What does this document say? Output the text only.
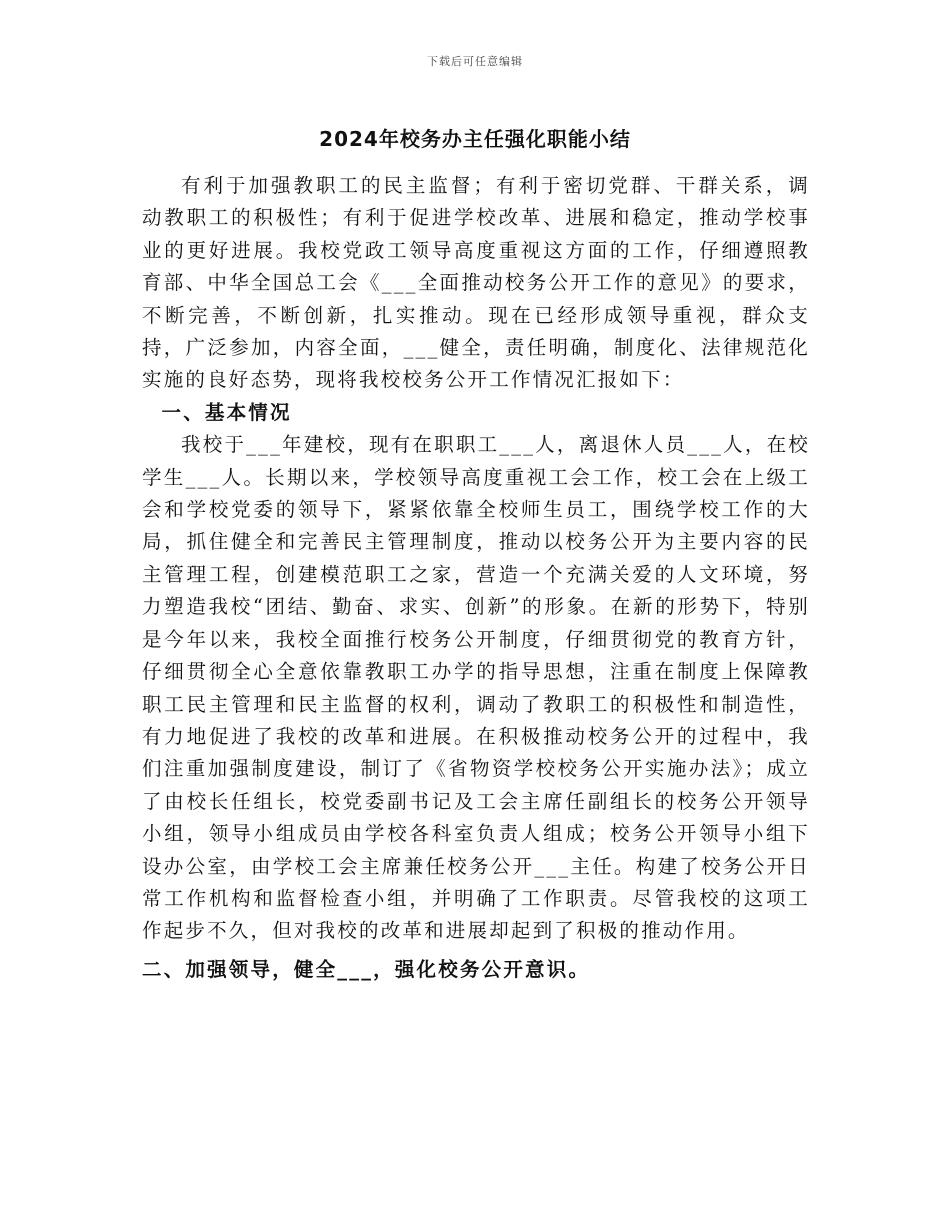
下载后可任意编辑
2024年校务办主任强化职能小结

有利于加强教职工的民主监督；有利于密切党群、干群关系，调动教职工的积极性；有利于促进学校改革、进展和稳定，推动学校事业的更好进展。我校党政工领导高度重视这方面的工作，仔细遵照教育部、中华全国总工会《___全面推动校务公开工作的意见》的要求，不断完善，不断创新，扎实推动。现在已经形成领导重视，群众支持，广泛参加，内容全面，___健全，责任明确，制度化、法律规范化实施的良好态势，现将我校校务公开工作情况汇报如下：

一、基本情况

我校于___年建校，现有在职职工___人，离退休人员___人，在校学生___人。长期以来，学校领导高度重视工会工作，校工会在上级工会和学校党委的领导下，紧紧依靠全校师生员工，围绕学校工作的大局，抓住健全和完善民主管理制度，推动以校务公开为主要内容的民主管理工程，创建模范职工之家，营造一个充满关爱的人文环境，努力塑造我校“团结、勤奋、求实、创新”的形象。在新的形势下，特别是今年以来，我校全面推行校务公开制度，仔细贯彻党的教育方针，仔细贯彻全心全意依靠教职工办学的指导思想，注重在制度上保障教职工民主管理和民主监督的权利，调动了教职工的积极性和制造性，有力地促进了我校的改革和进展。在积极推动校务公开的过程中，我们注重加强制度建设，制订了《省物资学校校务公开实施办法》；成立了由校长任组长，校党委副书记及工会主席任副组长的校务公开领导小组，领导小组成员由学校各科室负责人组成；校务公开领导小组下设办公室，由学校工会主席兼任校务公开___主任。构建了校务公开日常工作机构和监督检查小组，并明确了工作职责。尽管我校的这项工作起步不久，但对我校的改革和进展却起到了积极的推动作用。

二、加强领导，健全___，强化校务公开意识。
